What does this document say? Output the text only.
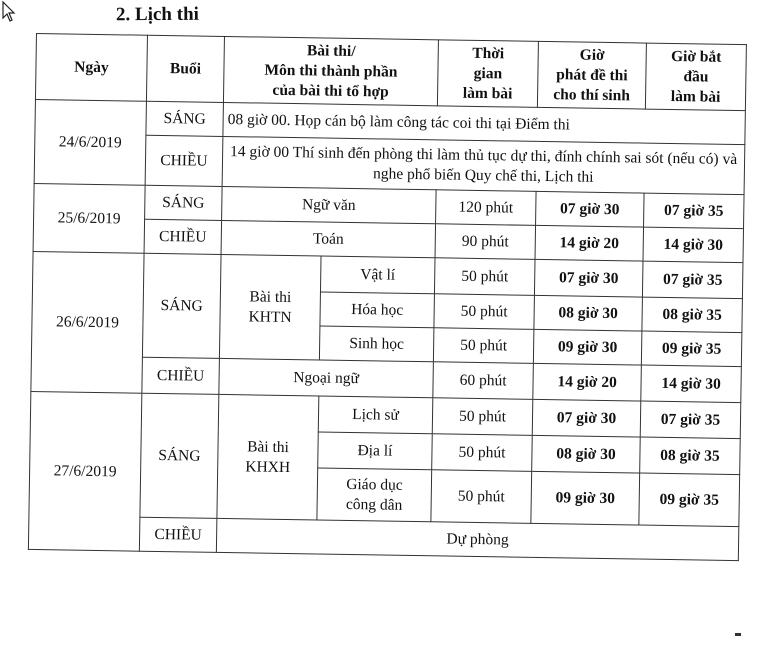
2. Lịch thi
Ngày	Buổi	Bài thi/
Môn thi thành phần
của bài thi tổ hợp		Thời
gian
làm bài	Giờ
phát đề thi
cho thí sinh	Giờ bắt
đầu
làm bài
24/6/2019	SÁNG	08 giờ 00. Họp cán bộ làm công tác coi thi tại Điểm thi				
	CHIỀU	14 giờ 00 Thí sinh đến phòng thi làm thủ tục dự thi, đính chính sai sót (nếu có) và nghe phổ biến Quy chế thi, Lịch thi				
25/6/2019	SÁNG	Ngữ văn		120 phút	07 giờ 30	07 giờ 35
	CHIỀU	Toán		90 phút	14 giờ 20	14 giờ 30
26/6/2019	SÁNG	Bài thi
KHTN	Vật lí	50 phút	07 giờ 30	07 giờ 35
			Hóa học	50 phút	08 giờ 30	08 giờ 35
			Sinh học	50 phút	09 giờ 30	09 giờ 35
	CHIỀU	Ngoại ngữ		60 phút	14 giờ 20	14 giờ 30
27/6/2019	SÁNG	Bài thi
KHXH	Lịch sử	50 phút	07 giờ 30	07 giờ 35
			Địa lí	50 phút	08 giờ 30	08 giờ 35
			Giáo dục
công dân	50 phút	09 giờ 30	09 giờ 35
	CHIỀU	Dự phòng				
